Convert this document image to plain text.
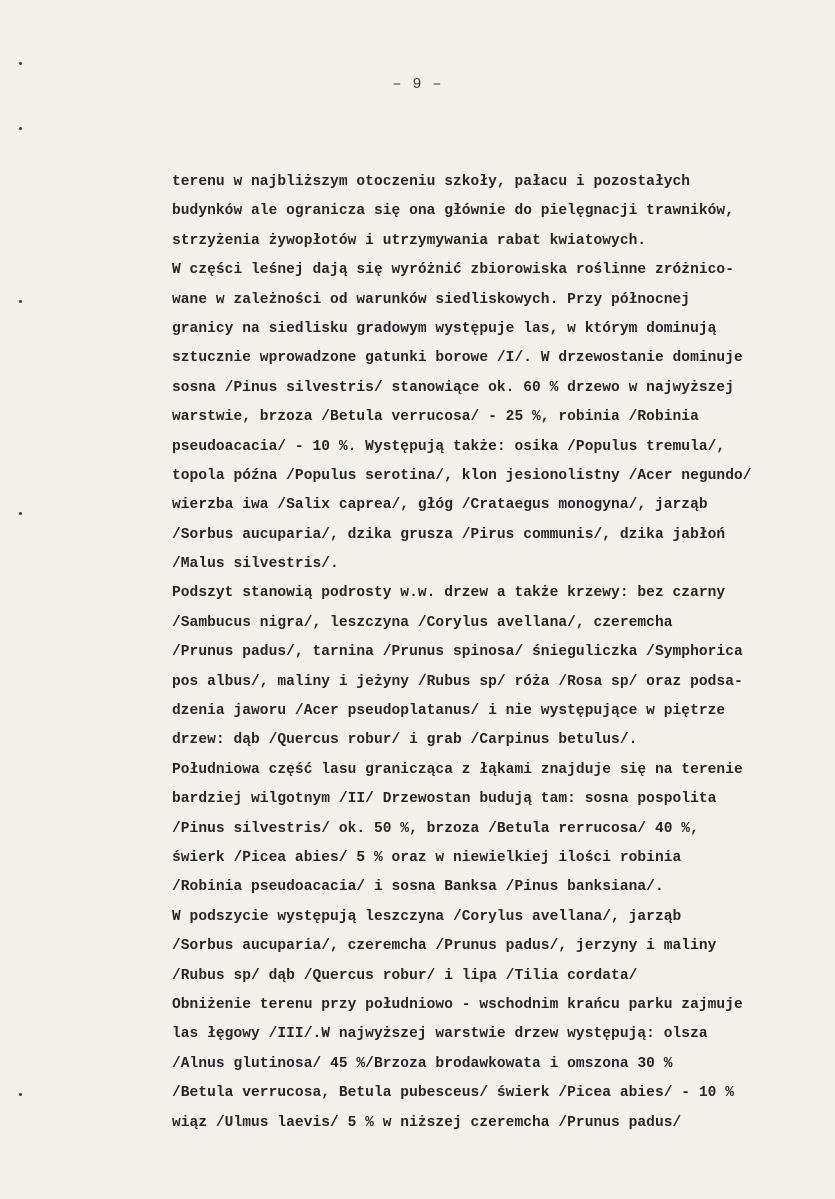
– 9 –
terenu w najbliższym otoczeniu szkoły, pałacu i pozostałych
budynków ale ogranicza się ona głównie do pielęgnacji trawników,
strzyżenia żywopłotów i utrzymywania rabat kwiatowych.
W części leśnej dają się wyróżnić zbiorowiska roślinne zróżnico-
wane w zależności od warunków siedliskowych. Przy północnej
granicy na siedlisku gradowym występuje las, w którym dominują
sztucznie wprowadzone gatunki borowe /I/. W drzewostanie dominuje
sosna /Pinus silvestris/ stanowiące ok. 60 % drzewo w najwyższej
warstwie, brzoza /Betula verrucosa/ - 25 %, robinia /Robinia
pseudoacacia/ - 10 %. Występują także: osika /Populus tremula/,
topola późna /Populus serotina/, klon jesionolistny /Acer negundo/
wierzba iwa /Salix caprea/, głóg /Crataegus monogyna/, jarząb
/Sorbus aucuparia/, dzika grusza /Pirus communis/, dzika jabłoń
/Malus silvestris/.
Podszyt stanowią podrosty w.w. drzew a także krzewy: bez czarny
/Sambucus nigra/, leszczyna /Corylus avellana/, czeremcha
/Prunus padus/, tarnina /Prunus spinosa/ śnieguliczka /Symphorica
pos albus/, maliny i jeżyny /Rubus sp/ róża /Rosa sp/ oraz podsa-
dzenia jaworu /Acer pseudoplatanus/ i nie występujące w piętrze
drzew: dąb /Quercus robur/ i grab /Carpinus betulus/.
Południowa część lasu granicząca z łąkami znajduje się na terenie
bardziej wilgotnym /II/ Drzewostan budują tam: sosna pospolita
/Pinus silvestris/ ok. 50 %, brzoza /Betula rerrucosa/ 40 %,
świerk /Picea abies/ 5 % oraz w niewielkiej ilości robinia
/Robinia pseudoacacia/ i sosna Banksa /Pinus banksiana/.
W podszycie występują leszczyna /Corylus avellana/, jarząb
/Sorbus aucuparia/, czeremcha /Prunus padus/, jerzyny i maliny
/Rubus sp/ dąb /Quercus robur/ i lipa /Tilia cordata/
Obniżenie terenu przy południowo - wschodnim krańcu parku zajmuje
las łęgowy /III/.W najwyższej warstwie drzew występują: olsza
/Alnus glutinosa/ 45 %/Brzoza brodawkowata i omszona 30 %
/Betula verrucosa, Betula pubesceus/ świerk /Picea abies/ - 10 %
wiąz /Ulmus laevis/ 5 % w niższej czeremcha /Prunus padus/
